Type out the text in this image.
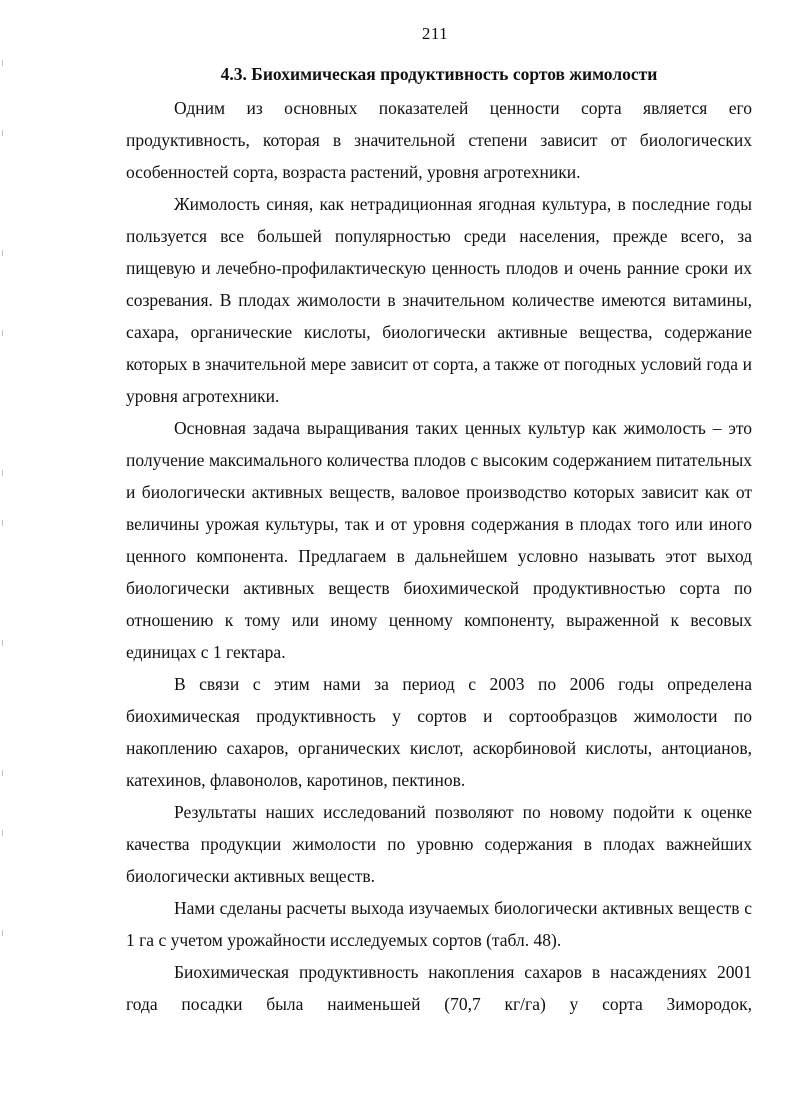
211
4.3. Биохимическая продуктивность сортов жимолости

Одним из основных показателей ценности сорта является его продуктивность, которая в значительной степени зависит от биологических особенностей сорта, возраста растений, уровня агротехники.

Жимолость синяя, как нетрадиционная ягодная культура, в последние годы пользуется все большей популярностью среди населения, прежде всего, за пищевую и лечебно-профилактическую ценность плодов и очень ранние сроки их созревания. В плодах жимолости в значительном количестве имеются витамины, сахара, органические кислоты, биологически активные вещества, содержание которых в значительной мере зависит от сорта, а также от погодных условий года и уровня агротехники.

Основная задача выращивания таких ценных культур как жимолость – это получение максимального количества плодов с высоким содержанием питательных и биологически активных веществ, валовое производство которых зависит как от величины урожая культуры, так и от уровня содержания в плодах того или иного ценного компонента. Предлагаем в дальнейшем условно называть этот выход биологически активных веществ биохимической продуктивностью сорта по отношению к тому или иному ценному компоненту, выраженной к весовых единицах с 1 гектара.

В связи с этим нами за период с 2003 по 2006 годы определена биохимическая продуктивность у сортов и сортообразцов жимолости по накоплению сахаров, органических кислот, аскорбиновой кислоты, антоцианов, катехинов, флавонолов, каротинов, пектинов.

Результаты наших исследований позволяют по новому подойти к оценке качества продукции жимолости по уровню содержания в плодах важнейших биологически активных веществ.

Нами сделаны расчеты выхода изучаемых биологически активных веществ с 1 га с учетом урожайности исследуемых сортов (табл. 48).

Биохимическая продуктивность накопления сахаров в насаждениях 2001 года посадки была наименьшей (70,7 кг/га) у сорта Зимородок,
